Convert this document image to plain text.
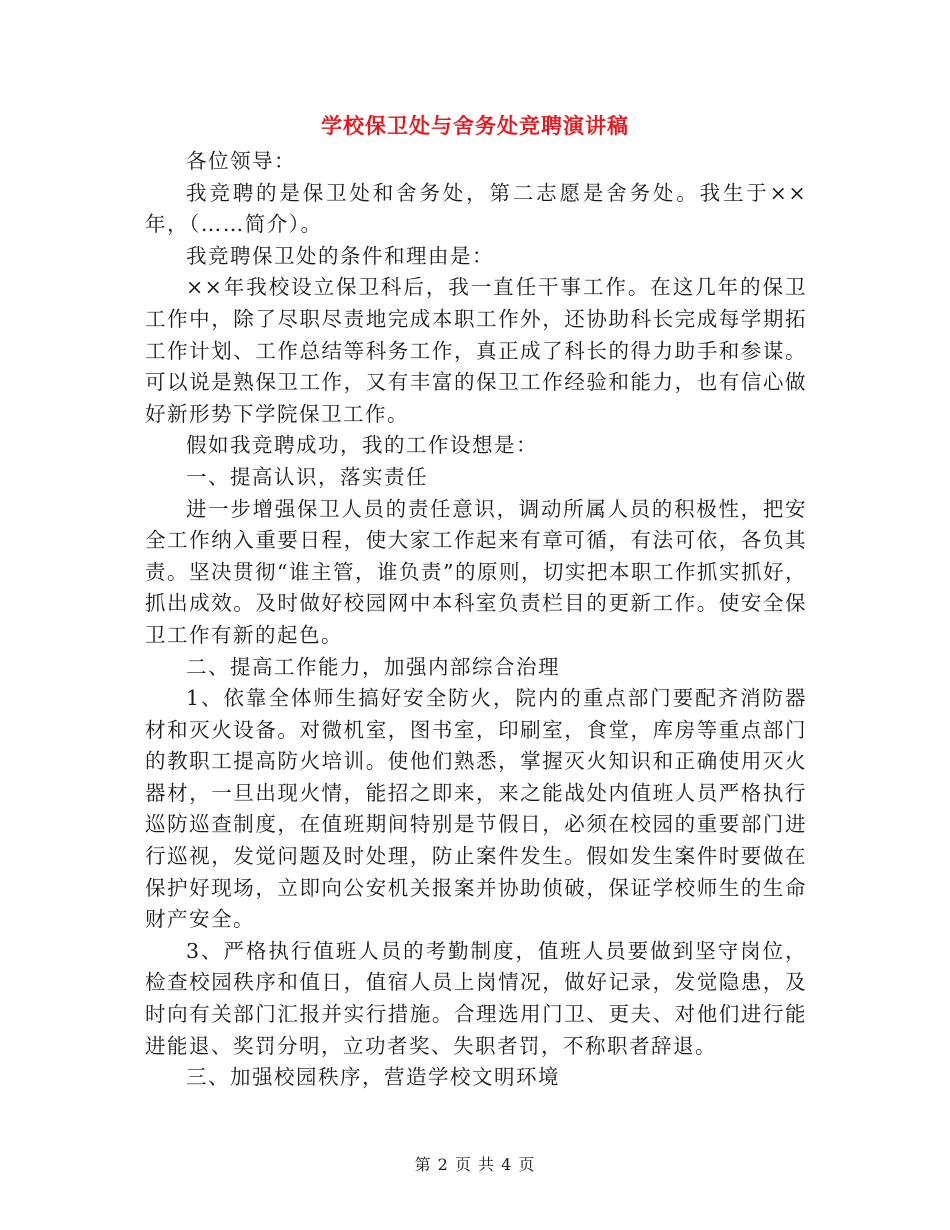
学校保卫处与舍务处竞聘演讲稿

各位领导：

我竞聘的是保卫处和舍务处，第二志愿是舍务处。我生于××年，（……简介）。

我竞聘保卫处的条件和理由是：

××年我校设立保卫科后，我一直任干事工作。在这几年的保卫工作中，除了尽职尽责地完成本职工作外，还协助科长完成每学期拓工作计划、工作总结等科务工作，真正成了科长的得力助手和参谋。可以说是熟保卫工作，又有丰富的保卫工作经验和能力，也有信心做好新形势下学院保卫工作。

假如我竞聘成功，我的工作设想是：

一、提高认识，落实责任

进一步增强保卫人员的责任意识，调动所属人员的积极性，把安全工作纳入重要日程，使大家工作起来有章可循，有法可依，各负其责。坚决贯彻“谁主管，谁负责”的原则，切实把本职工作抓实抓好，抓出成效。及时做好校园网中本科室负责栏目的更新工作。使安全保卫工作有新的起色。

二、提高工作能力，加强内部综合治理

1、依靠全体师生搞好安全防火，院内的重点部门要配齐消防器材和灭火设备。对微机室，图书室，印刷室，食堂，库房等重点部门的教职工提高防火培训。使他们熟悉，掌握灭火知识和正确使用灭火器材，一旦出现火情，能招之即来，来之能战处内值班人员严格执行巡防巡查制度，在值班期间特别是节假日，必须在校园的重要部门进行巡视，发觉问题及时处理，防止案件发生。假如发生案件时要做在保护好现场，立即向公安机关报案并协助侦破，保证学校师生的生命财产安全。

3、严格执行值班人员的考勤制度，值班人员要做到坚守岗位，检查校园秩序和值日，值宿人员上岗情况，做好记录，发觉隐患，及时向有关部门汇报并实行措施。合理选用门卫、更夫、对他们进行能进能退、奖罚分明，立功者奖、失职者罚，不称职者辞退。

三、加强校园秩序，营造学校文明环境

第 2 页 共 4 页
